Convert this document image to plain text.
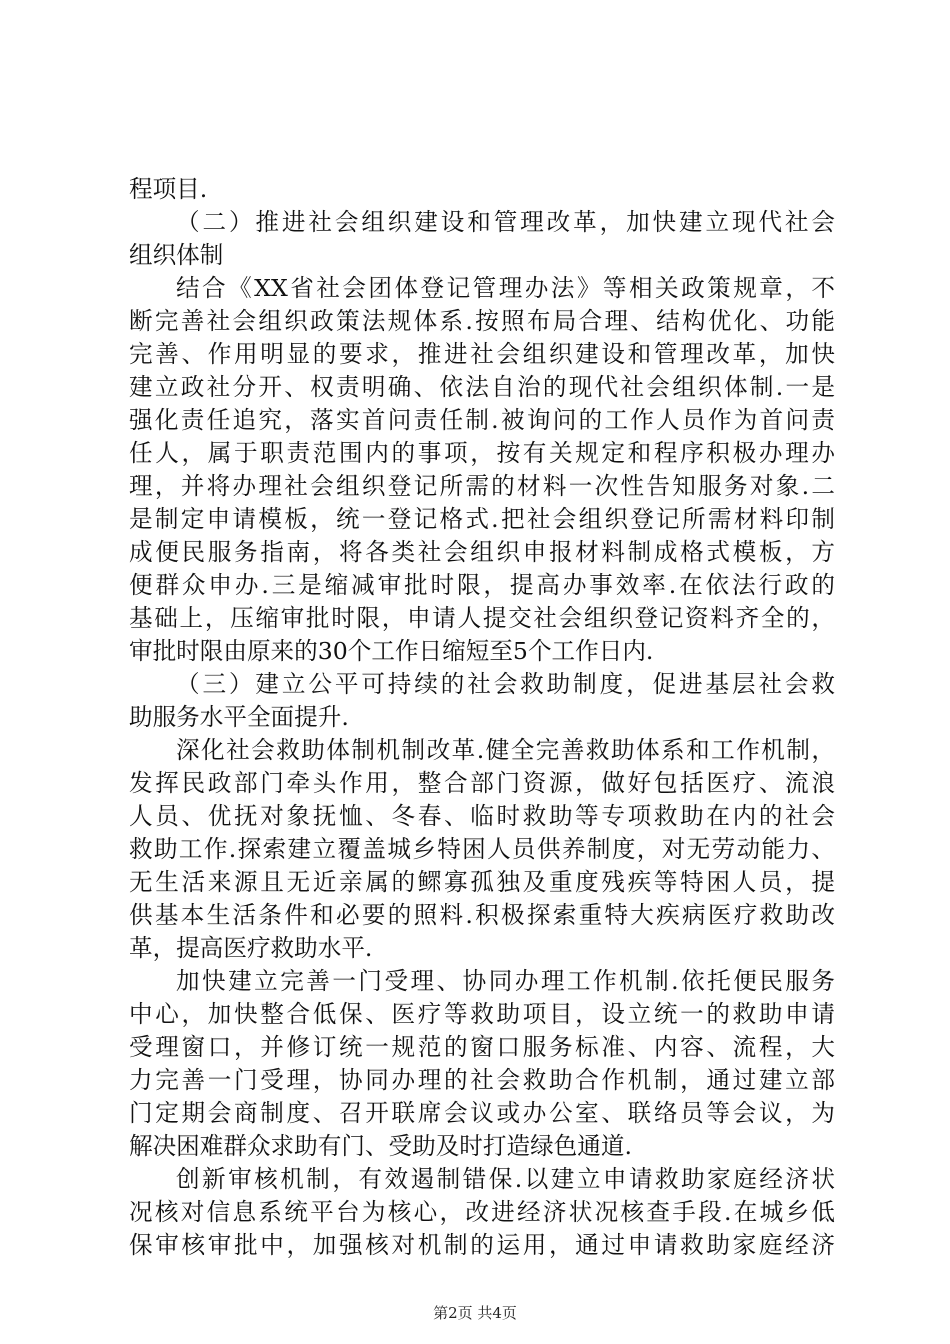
程项目.
（二）推进社会组织建设和管理改革，加快建立现代社会
组织体制
结合《XX省社会团体登记管理办法》等相关政策规章，不
断完善社会组织政策法规体系.按照布局合理、结构优化、功能
完善、作用明显的要求，推进社会组织建设和管理改革，加快
建立政社分开、权责明确、依法自治的现代社会组织体制.一是
强化责任追究，落实首问责任制.被询问的工作人员作为首问责
任人，属于职责范围内的事项，按有关规定和程序积极办理办
理，并将办理社会组织登记所需的材料一次性告知服务对象.二
是制定申请模板，统一登记格式.把社会组织登记所需材料印制
成便民服务指南，将各类社会组织申报材料制成格式模板，方
便群众申办.三是缩减审批时限，提高办事效率.在依法行政的
基础上，压缩审批时限，申请人提交社会组织登记资料齐全的，
审批时限由原来的30个工作日缩短至5个工作日内.
（三）建立公平可持续的社会救助制度，促进基层社会救
助服务水平全面提升.
深化社会救助体制机制改革.健全完善救助体系和工作机制，
发挥民政部门牵头作用，整合部门资源，做好包括医疗、流浪
人员、优抚对象抚恤、冬春、临时救助等专项救助在内的社会
救助工作.探索建立覆盖城乡特困人员供养制度，对无劳动能力、
无生活来源且无近亲属的鳏寡孤独及重度残疾等特困人员，提
供基本生活条件和必要的照料.积极探索重特大疾病医疗救助改
革，提高医疗救助水平.
加快建立完善一门受理、协同办理工作机制.依托便民服务
中心，加快整合低保、医疗等救助项目，设立统一的救助申请
受理窗口，并修订统一规范的窗口服务标准、内容、流程，大
力完善一门受理，协同办理的社会救助合作机制，通过建立部
门定期会商制度、召开联席会议或办公室、联络员等会议，为
解决困难群众求助有门、受助及时打造绿色通道.
创新审核机制，有效遏制错保.以建立申请救助家庭经济状
况核对信息系统平台为核心，改进经济状况核查手段.在城乡低
保审核审批中，加强核对机制的运用，通过申请救助家庭经济
第2页 共4页
